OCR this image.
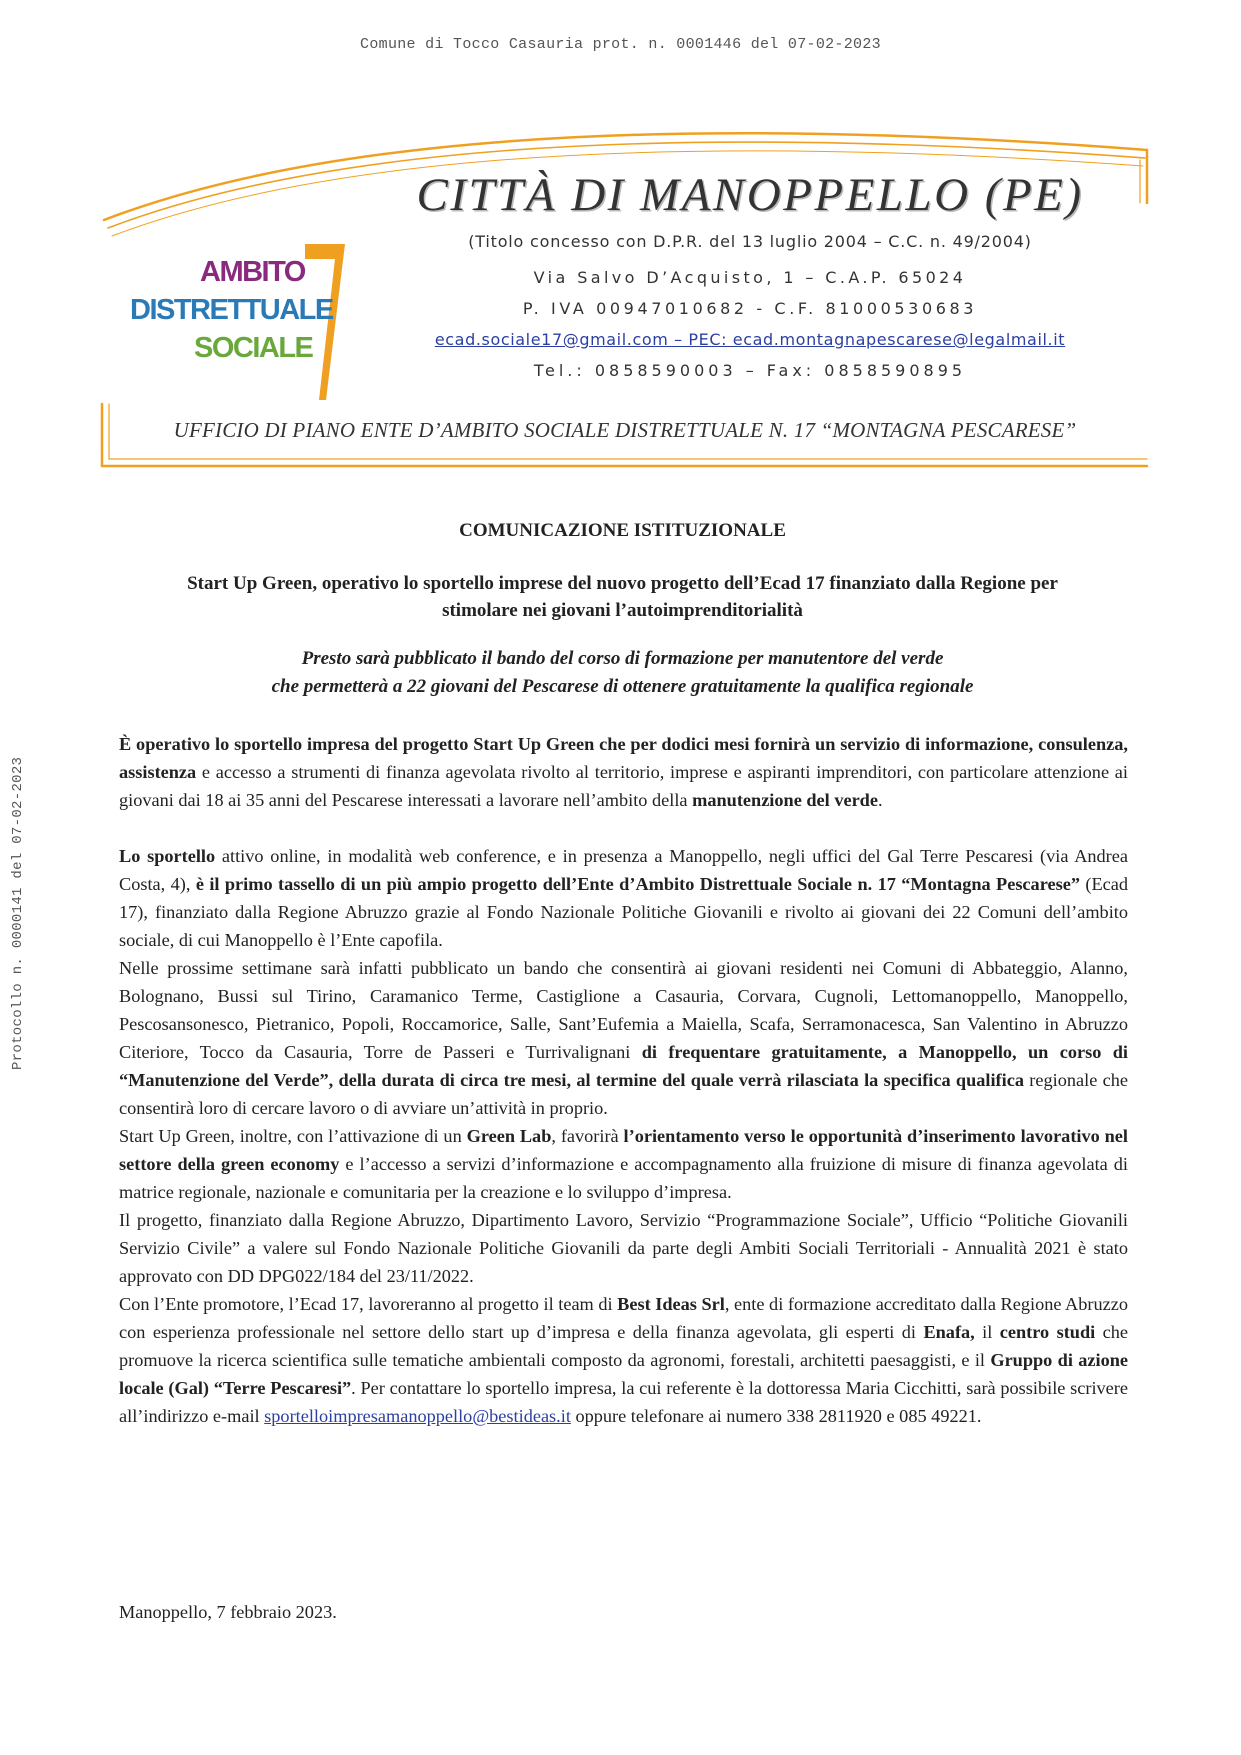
Comune di Tocco Casauria prot. n. 0001446 del 07-02-2023
Protocollo n. 0000141 del 07-02-2023
AMBITO
DISTRETTUALE
SOCIALE
CITTÀ DI MANOPPELLO (PE)
(Titolo concesso con D.P.R. del 13 luglio 2004 – C.C. n. 49/2004)
Via Salvo D’Acquisto, 1 – C.A.P. 65024
P. IVA 00947010682 - C.F. 81000530683
ecad.sociale17@gmail.com – PEC: ecad.montagnapescarese@legalmail.it
Tel.: 0858590003 – Fax: 0858590895
UFFICIO DI PIANO ENTE D’AMBITO SOCIALE DISTRETTUALE N. 17 “MONTAGNA PESCARESE”
COMUNICAZIONE ISTITUZIONALE
Start Up Green, operativo lo sportello imprese del nuovo progetto dell’Ecad 17 finanziato dalla Regione per
stimolare nei giovani l’autoimprenditorialità
Presto sarà pubblicato il bando del corso di formazione per manutentore del verde
che permetterà a 22 giovani del Pescarese di ottenere gratuitamente la qualifica regionale

È operativo lo sportello impresa del progetto Start Up Green che per dodici mesi fornirà un servizio di informazione, consulenza, assistenza e accesso a strumenti di finanza agevolata rivolto al territorio, imprese e aspiranti imprenditori, con particolare attenzione ai giovani dai 18 ai 35 anni del Pescarese interessati a lavorare nell’ambito della manutenzione del verde.

Lo sportello attivo online, in modalità web conference, e in presenza a Manoppello, negli uffici del Gal Terre Pescaresi (via Andrea Costa, 4), è il primo tassello di un più ampio progetto dell’Ente d’Ambito Distrettuale Sociale n. 17 “Montagna Pescarese” (Ecad 17), finanziato dalla Regione Abruzzo grazie al Fondo Nazionale Politiche Giovanili e rivolto ai giovani dei 22 Comuni dell’ambito sociale, di cui Manoppello è l’Ente capofila.

Nelle prossime settimane sarà infatti pubblicato un bando che consentirà ai giovani residenti nei Comuni di Abbateggio, Alanno, Bolognano, Bussi sul Tirino, Caramanico Terme, Castiglione a Casauria, Corvara, Cugnoli, Lettomanoppello, Manoppello, Pescosansonesco, Pietranico, Popoli, Roccamorice, Salle, Sant’Eufemia a Maiella, Scafa, Serramonacesca, San Valentino in Abruzzo Citeriore, Tocco da Casauria, Torre de Passeri e Turrivalignani di frequentare gratuitamente, a Manoppello, un corso di “Manutenzione del Verde”, della durata di circa tre mesi, al termine del quale verrà rilasciata la specifica qualifica regionale che consentirà loro di cercare lavoro o di avviare un’attività in proprio.

Start Up Green, inoltre, con l’attivazione di un Green Lab, favorirà l’orientamento verso le opportunità d’inserimento lavorativo nel settore della green economy e l’accesso a servizi d’informazione e accompagnamento alla fruizione di misure di finanza agevolata di matrice regionale, nazionale e comunitaria per la creazione e lo sviluppo d’impresa.

Il progetto, finanziato dalla Regione Abruzzo, Dipartimento Lavoro, Servizio “Programmazione Sociale”, Ufficio “Politiche Giovanili Servizio Civile” a valere sul Fondo Nazionale Politiche Giovanili da parte degli Ambiti Sociali Territoriali - Annualità 2021 è stato approvato con DD DPG022/184 del 23/11/2022.

Con l’Ente promotore, l’Ecad 17, lavoreranno al progetto il team di Best Ideas Srl, ente di formazione accreditato dalla Regione Abruzzo con esperienza professionale nel settore dello start up d’impresa e della finanza agevolata, gli esperti di Enafa, il centro studi che promuove la ricerca scientifica sulle tematiche ambientali composto da agronomi, forestali, architetti paesaggisti, e il Gruppo di azione locale (Gal) “Terre Pescaresi”. Per contattare lo sportello impresa, la cui referente è la dottoressa Maria Cicchitti, sarà possibile scrivere all’indirizzo e-mail sportelloimpresamanoppello@bestideas.it oppure telefonare ai numero 338 2811920 e 085 49221.

Manoppello, 7 febbraio 2023.
